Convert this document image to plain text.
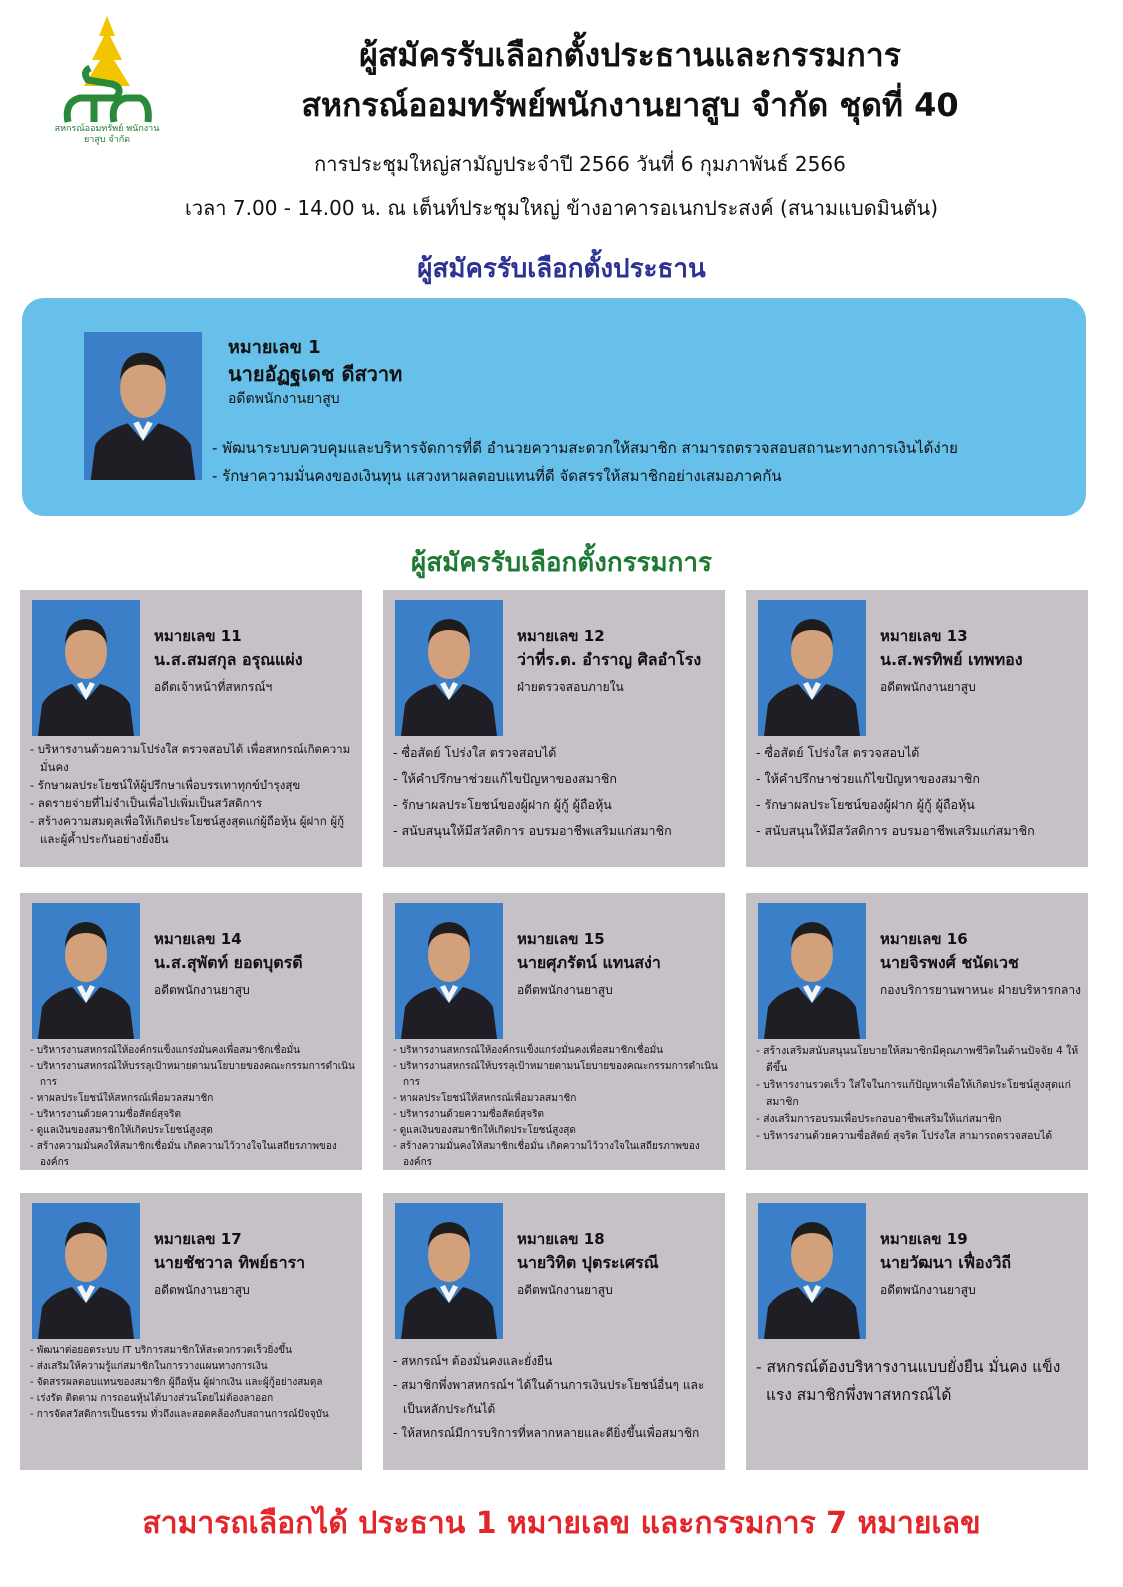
สหกรณ์ออมทรัพย์ พนักงานยาสูบ จำกัด
ผู้สมัครรับเลือกตั้งประธานและกรรมการ
สหกรณ์ออมทรัพย์พนักงานยาสูบ จำกัด ชุดที่ 40
การประชุมใหญ่สามัญประจำปี 2566 วันที่ 6 กุมภาพันธ์ 2566
เวลา 7.00 - 14.00 น. ณ เต็นท์ประชุมใหญ่ ข้างอาคารอเนกประสงค์ (สนามแบดมินตัน)
ผู้สมัครรับเลือกตั้งประธาน
หมายเลข 1
นายอัฏฐเดช ดีสวาท
อดีตพนักงานยาสูบ
- พัฒนาระบบควบคุมและบริหารจัดการที่ดี อำนวยความสะดวกให้สมาชิก สามารถตรวจสอบสถานะทางการเงินได้ง่าย
- รักษาความมั่นคงของเงินทุน แสวงหาผลตอบแทนที่ดี จัดสรรให้สมาชิกอย่างเสมอภาคกัน
ผู้สมัครรับเลือกตั้งกรรมการ
หมายเลข 11
น.ส.สมสกุล อรุณแผ่ง
อดีตเจ้าหน้าที่สหกรณ์ฯ
- บริหารงานด้วยความโปร่งใส ตรวจสอบได้ เพื่อสหกรณ์เกิดความมั่นคง
- รักษาผลประโยชน์ให้ผู้ปรึกษาเพื่อบรรเทาทุกข์บำรุงสุข
- ลดรายจ่ายที่ไม่จำเป็นเพื่อไปเพิ่มเป็นสวัสดิการ
- สร้างความสมดุลเพื่อให้เกิดประโยชน์สูงสุดแก่ผู้ถือหุ้น ผู้ฝาก ผู้กู้ และผู้ค้ำประกันอย่างยั่งยืน
หมายเลข 12
ว่าที่ร.ต. อำราญ ศิลอำโรง
ฝ่ายตรวจสอบภายใน
- ซื่อสัตย์ โปร่งใส ตรวจสอบได้
- ให้คำปรึกษาช่วยแก้ไขปัญหาของสมาชิก
- รักษาผลประโยชน์ของผู้ฝาก ผู้กู้ ผู้ถือหุ้น
- สนับสนุนให้มีสวัสดิการ อบรมอาชีพเสริมแก่สมาชิก
หมายเลข 13
น.ส.พรทิพย์ เทพทอง
อดีตพนักงานยาสูบ
- ซื่อสัตย์ โปร่งใส ตรวจสอบได้
- ให้คำปรึกษาช่วยแก้ไขปัญหาของสมาชิก
- รักษาผลประโยชน์ของผู้ฝาก ผู้กู้ ผู้ถือหุ้น
- สนับสนุนให้มีสวัสดิการ อบรมอาชีพเสริมแก่สมาชิก
หมายเลข 14
น.ส.สุพัตท์ ยอดบุตรดี
อดีตพนักงานยาสูบ
- บริหารงานสหกรณ์ให้องค์กรแข็งแกร่งมั่นคงเพื่อสมาชิกเชื่อมั่น
- บริหารงานสหกรณ์ให้บรรลุเป้าหมายตามนโยบายของคณะกรรมการดำเนินการ
- หาผลประโยชน์ให้สหกรณ์เพื่อมวลสมาชิก
- บริหารงานด้วยความซื่อสัตย์สุจริต
- ดูแลเงินของสมาชิกให้เกิดประโยชน์สูงสุด
- สร้างความมั่นคงให้สมาชิกเชื่อมั่น เกิดความไว้วางใจในเสถียรภาพขององค์กร
หมายเลข 15
นายศุภรัตน์ แทนสง่า
อดีตพนักงานยาสูบ
- บริหารงานสหกรณ์ให้องค์กรแข็งแกร่งมั่นคงเพื่อสมาชิกเชื่อมั่น
- บริหารงานสหกรณ์ให้บรรลุเป้าหมายตามนโยบายของคณะกรรมการดำเนินการ
- หาผลประโยชน์ให้สหกรณ์เพื่อมวลสมาชิก
- บริหารงานด้วยความซื่อสัตย์สุจริต
- ดูแลเงินของสมาชิกให้เกิดประโยชน์สูงสุด
- สร้างความมั่นคงให้สมาชิกเชื่อมั่น เกิดความไว้วางใจในเสถียรภาพขององค์กร
หมายเลข 16
นายจิรพงศ์ ชนัดเวช
กองบริการยานพาหนะ ฝ่ายบริหารกลาง
- สร้างเสริมสนับสนุนนโยบายให้สมาชิกมีคุณภาพชีวิตในด้านปัจจัย 4 ให้ดีขึ้น
- บริหารงานรวดเร็ว ใส่ใจในการแก้ปัญหาเพื่อให้เกิดประโยชน์สูงสุดแก่สมาชิก
- ส่งเสริมการอบรมเพื่อประกอบอาชีพเสริมให้แก่สมาชิก
- บริหารงานด้วยความซื่อสัตย์ สุจริต โปร่งใส สามารถตรวจสอบได้
หมายเลข 17
นายชัชวาล ทิพย์ธารา
อดีตพนักงานยาสูบ
- พัฒนาต่อยอดระบบ IT บริการสมาชิกให้สะดวกรวดเร็วยิ่งขึ้น
- ส่งเสริมให้ความรู้แก่สมาชิกในการวางแผนทางการเงิน
- จัดสรรผลตอบแทนของสมาชิก ผู้ถือหุ้น ผู้ฝากเงิน และผู้กู้อย่างสมดุล
- เร่งรัด ติดตาม การถอนหุ้นได้บางส่วนโดยไม่ต้องลาออก
- การจัดสวัสดิการเป็นธรรม ทั่วถึงและสอดคล้องกับสถานการณ์ปัจจุบัน
หมายเลข 18
นายวิทิต ปุตระเศรณี
อดีตพนักงานยาสูบ
- สหกรณ์ฯ ต้องมั่นคงและยั่งยืน
- สมาชิกพึ่งพาสหกรณ์ฯ ได้ในด้านการเงินประโยชน์อื่นๆ และเป็นหลักประกันได้
- ให้สหกรณ์มีการบริการที่หลากหลายและดียิ่งขึ้นเพื่อสมาชิก
หมายเลข 19
นายวัฒนา เฟื่องวิถี
อดีตพนักงานยาสูบ
- สหกรณ์ต้องบริหารงานแบบยั่งยืน มั่นคง แข็งแรง สมาชิกพึ่งพาสหกรณ์ได้
สามารถเลือกได้ ประธาน 1 หมายเลข และกรรมการ 7 หมายเลข
